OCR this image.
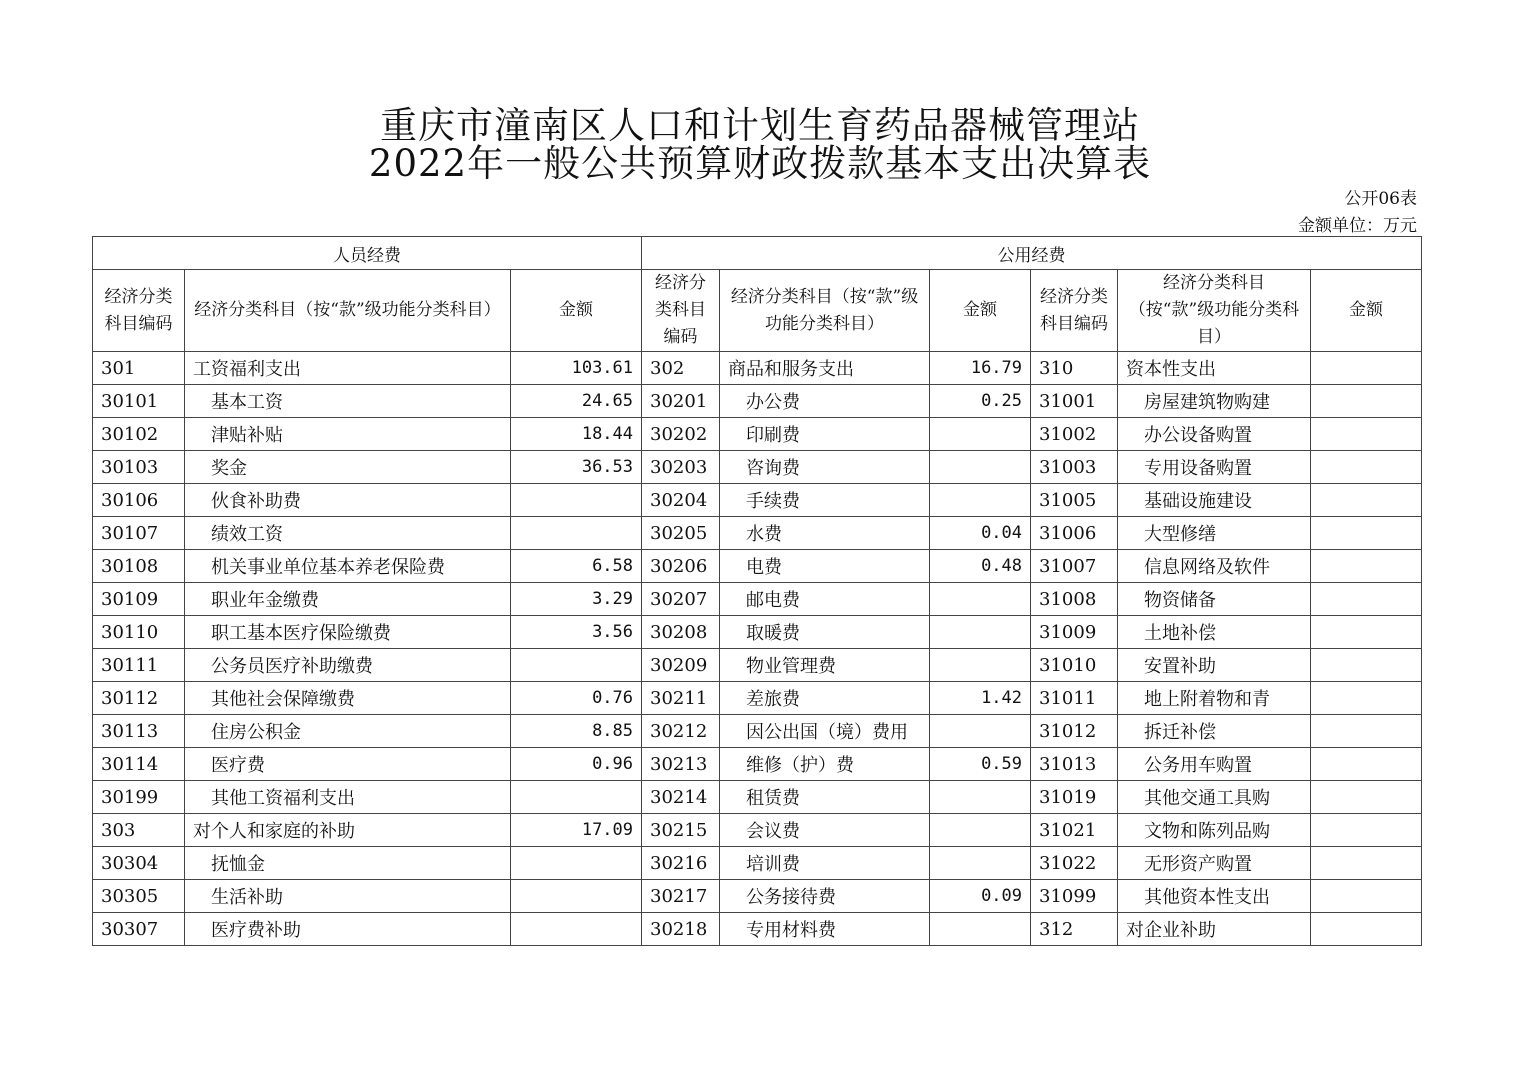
重庆市潼南区人口和计划生育药品器械管理站
2022年一般公共预算财政拨款基本支出决算表
公开06表
金额单位：万元
人员经费			公用经费					
经济分类科目编码	经济分类科目（按“款”级功能分类科目）	金额	经济分类科目编码	经济分类科目（按“款”级功能分类科目）	金额	经济分类科目编码	经济分类科目（按“款”级功能分类科目）	金额
301	工资福利支出	103.61	302	商品和服务支出	16.79	310	资本性支出	
30101	基本工资	24.65	30201	办公费	0.25	31001	房屋建筑物购建	
30102	津贴补贴	18.44	30202	印刷费		31002	办公设备购置	
30103	奖金	36.53	30203	咨询费		31003	专用设备购置	
30106	伙食补助费		30204	手续费		31005	基础设施建设	
30107	绩效工资		30205	水费	0.04	31006	大型修缮	
30108	机关事业单位基本养老保险费	6.58	30206	电费	0.48	31007	信息网络及软件	
30109	职业年金缴费	3.29	30207	邮电费		31008	物资储备	
30110	职工基本医疗保险缴费	3.56	30208	取暖费		31009	土地补偿	
30111	公务员医疗补助缴费		30209	物业管理费		31010	安置补助	
30112	其他社会保障缴费	0.76	30211	差旅费	1.42	31011	地上附着物和青	
30113	住房公积金	8.85	30212	因公出国（境）费用		31012	拆迁补偿	
30114	医疗费	0.96	30213	维修（护）费	0.59	31013	公务用车购置	
30199	其他工资福利支出		30214	租赁费		31019	其他交通工具购	
303	对个人和家庭的补助	17.09	30215	会议费		31021	文物和陈列品购	
30304	抚恤金		30216	培训费		31022	无形资产购置	
30305	生活补助		30217	公务接待费	0.09	31099	其他资本性支出	
30307	医疗费补助		30218	专用材料费		312	对企业补助	
